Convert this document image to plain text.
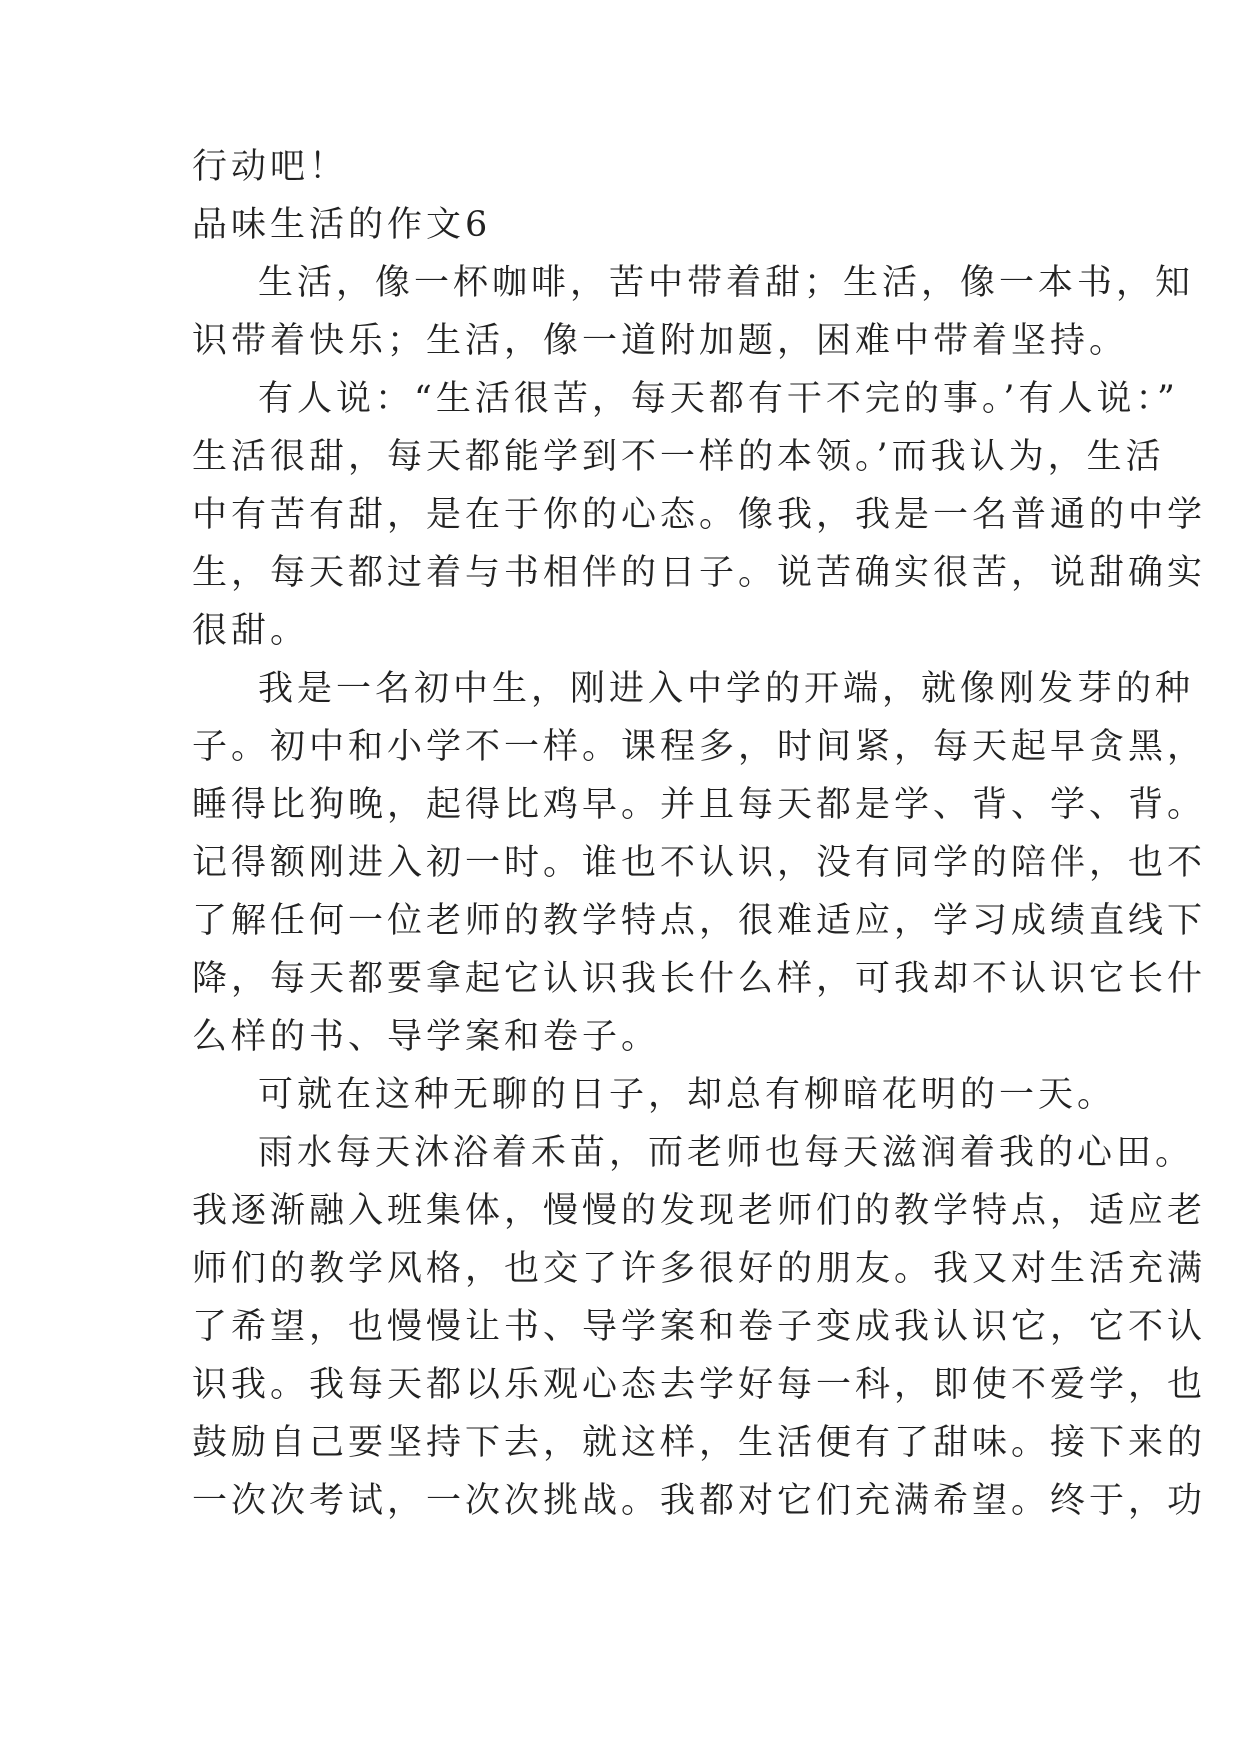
行动吧！
品味生活的作文6
生活，像一杯咖啡，苦中带着甜；生活，像一本书，知
识带着快乐；生活，像一道附加题，困难中带着坚持。
有人说：“生活很苦，每天都有干不完的事。’有人说：”
生活很甜，每天都能学到不一样的本领。’而我认为，生活
中有苦有甜，是在于你的心态。像我，我是一名普通的中学
生，每天都过着与书相伴的日子。说苦确实很苦，说甜确实
很甜。
我是一名初中生，刚进入中学的开端，就像刚发芽的种
子。初中和小学不一样。课程多，时间紧，每天起早贪黑，
睡得比狗晚，起得比鸡早。并且每天都是学、背、学、背。
记得额刚进入初一时。谁也不认识，没有同学的陪伴，也不
了解任何一位老师的教学特点，很难适应，学习成绩直线下
降，每天都要拿起它认识我长什么样，可我却不认识它长什
么样的书、导学案和卷子。
可就在这种无聊的日子，却总有柳暗花明的一天。
雨水每天沐浴着禾苗，而老师也每天滋润着我的心田。
我逐渐融入班集体，慢慢的发现老师们的教学特点，适应老
师们的教学风格，也交了许多很好的朋友。我又对生活充满
了希望，也慢慢让书、导学案和卷子变成我认识它，它不认
识我。我每天都以乐观心态去学好每一科，即使不爱学，也
鼓励自己要坚持下去，就这样，生活便有了甜味。接下来的
一次次考试，一次次挑战。我都对它们充满希望。终于，功
